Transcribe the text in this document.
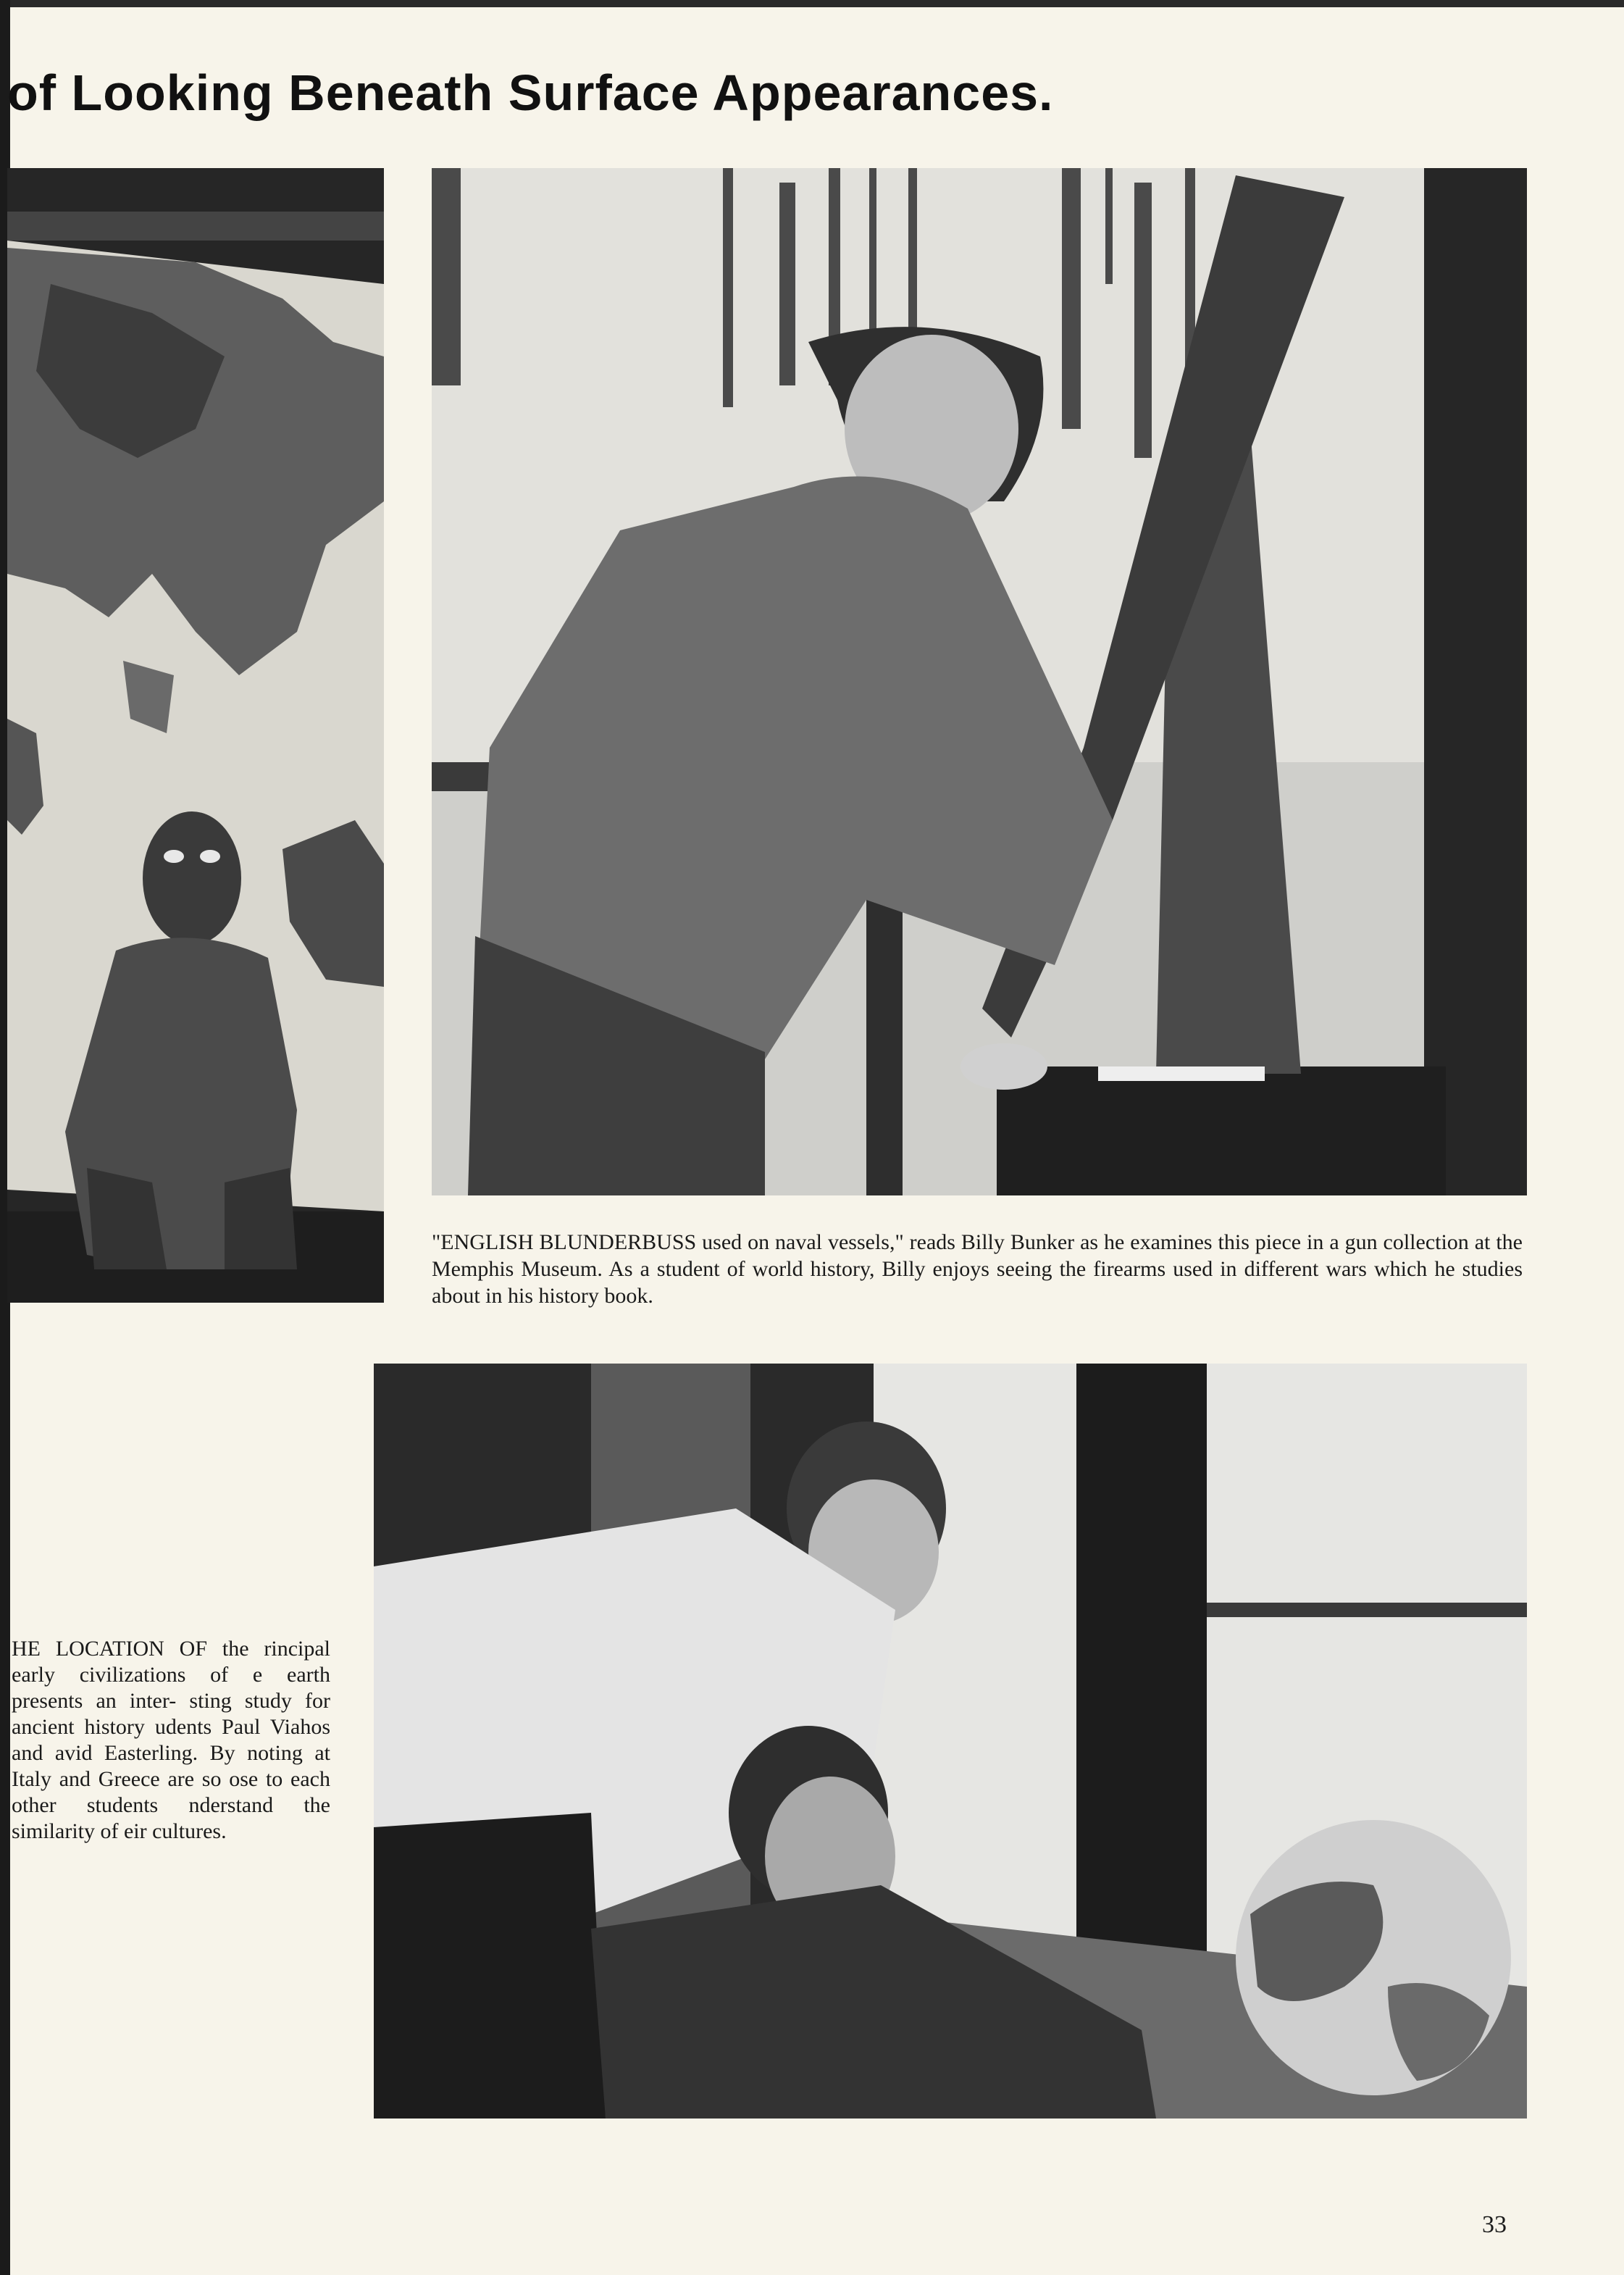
of Looking Beneath Surface Appearances.

"ENGLISH BLUNDERBUSS used on naval vessels," reads Billy Bunker as he examines this piece in a gun collection at the Memphis Museum. As a student of world history, Billy enjoys seeing the firearms used in different wars which he studies about in his history book.

HE LOCATION OF the rincipal early civilizations of e earth presents an inter- sting study for ancient history udents Paul Viahos and avid Easterling. By noting at Italy and Greece are so ose to each other students nderstand the similarity of eir cultures.

33
